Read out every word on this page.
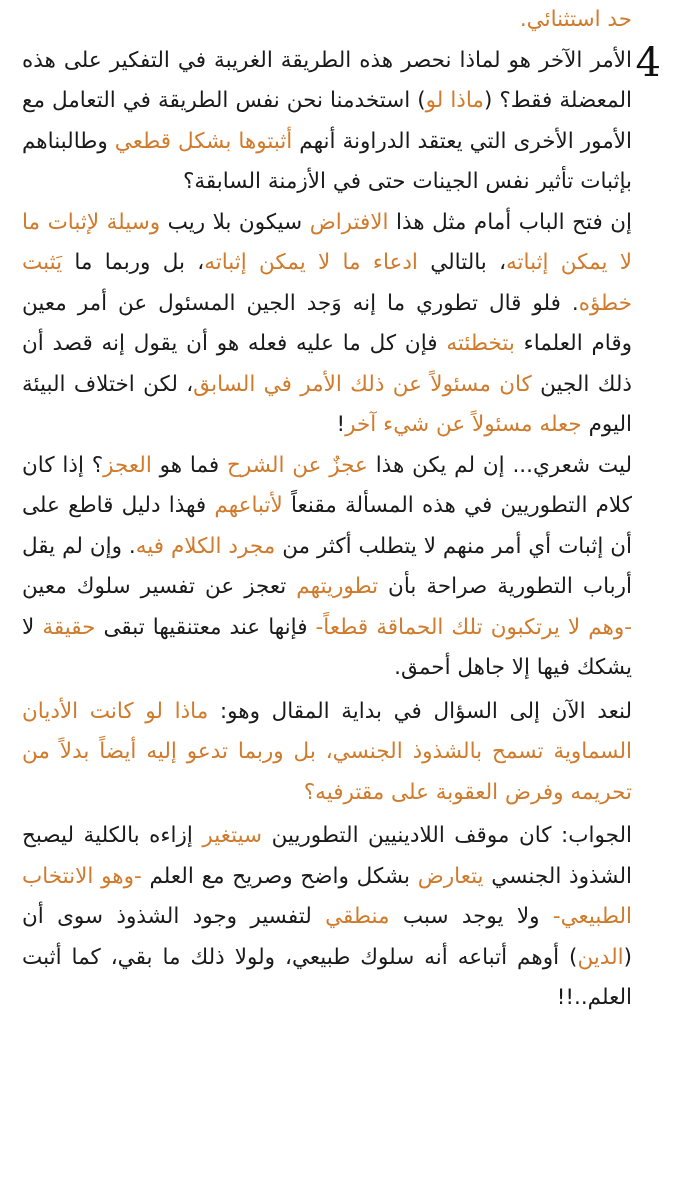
4

حد استثنائي.

الأمر الآخر هو لماذا نحصر هذه الطريقة الغريبة في التفكير على هذه المعضلة فقط؟ (ماذا لو) استخدمنا نحن نفس الطريقة في التعامل مع الأمور الأخرى التي يعتقد الدراونة أنهم أثبتوها بشكل قطعي وطالبناهم بإثبات تأثير نفس الجينات حتى في الأزمنة السابقة؟

إن فتح الباب أمام مثل هذا الافتراض سيكون بلا ريب وسيلة لإثبات ما لا يمكن إثباته، بالتالي ادعاء ما لا يمكن إثباته، بل وربما ما يَثبت خطؤه. فلو قال تطوري ما إنه وَجد الجين المسئول عن أمر معين وقام العلماء بتخطئته فإن كل ما عليه فعله هو أن يقول إنه قصد أن ذلك الجين كان مسئولاً عن ذلك الأمر في السابق، لكن اختلاف البيئة اليوم جعله مسئولاً عن شيء آخر!

ليت شعري... إن لم يكن هذا عجزٌ عن الشرح فما هو العجز؟ إذا كان كلام التطوريين في هذه المسألة مقنعاً لأتباعهم فهذا دليل قاطع على أن إثبات أي أمر منهم لا يتطلب أكثر من مجرد الكلام فيه. وإن لم يقل أرباب التطورية صراحة بأن تطوريتهم تعجز عن تفسير سلوك معين -وهم لا يرتكبون تلك الحماقة قطعاً- فإنها عند معتنقيها تبقى حقيقة لا يشكك فيها إلا جاهل أحمق.

لنعد الآن إلى السؤال في بداية المقال وهو: ماذا لو كانت الأديان السماوية تسمح بالشذوذ الجنسي، بل وربما تدعو إليه أيضاً بدلاً من تحريمه وفرض العقوبة على مقترفيه؟

الجواب: كان موقف اللادينيين التطوريين سيتغير إزاءه بالكلية ليصبح الشذوذ الجنسي يتعارض بشكل واضح وصريح مع العلم -وهو الانتخاب الطبيعي- ولا يوجد سبب منطقي لتفسير وجود الشذوذ سوى أن (الدين) أوهم أتباعه أنه سلوك طبيعي، ولولا ذلك ما بقي، كما أثبت العلم..!!
